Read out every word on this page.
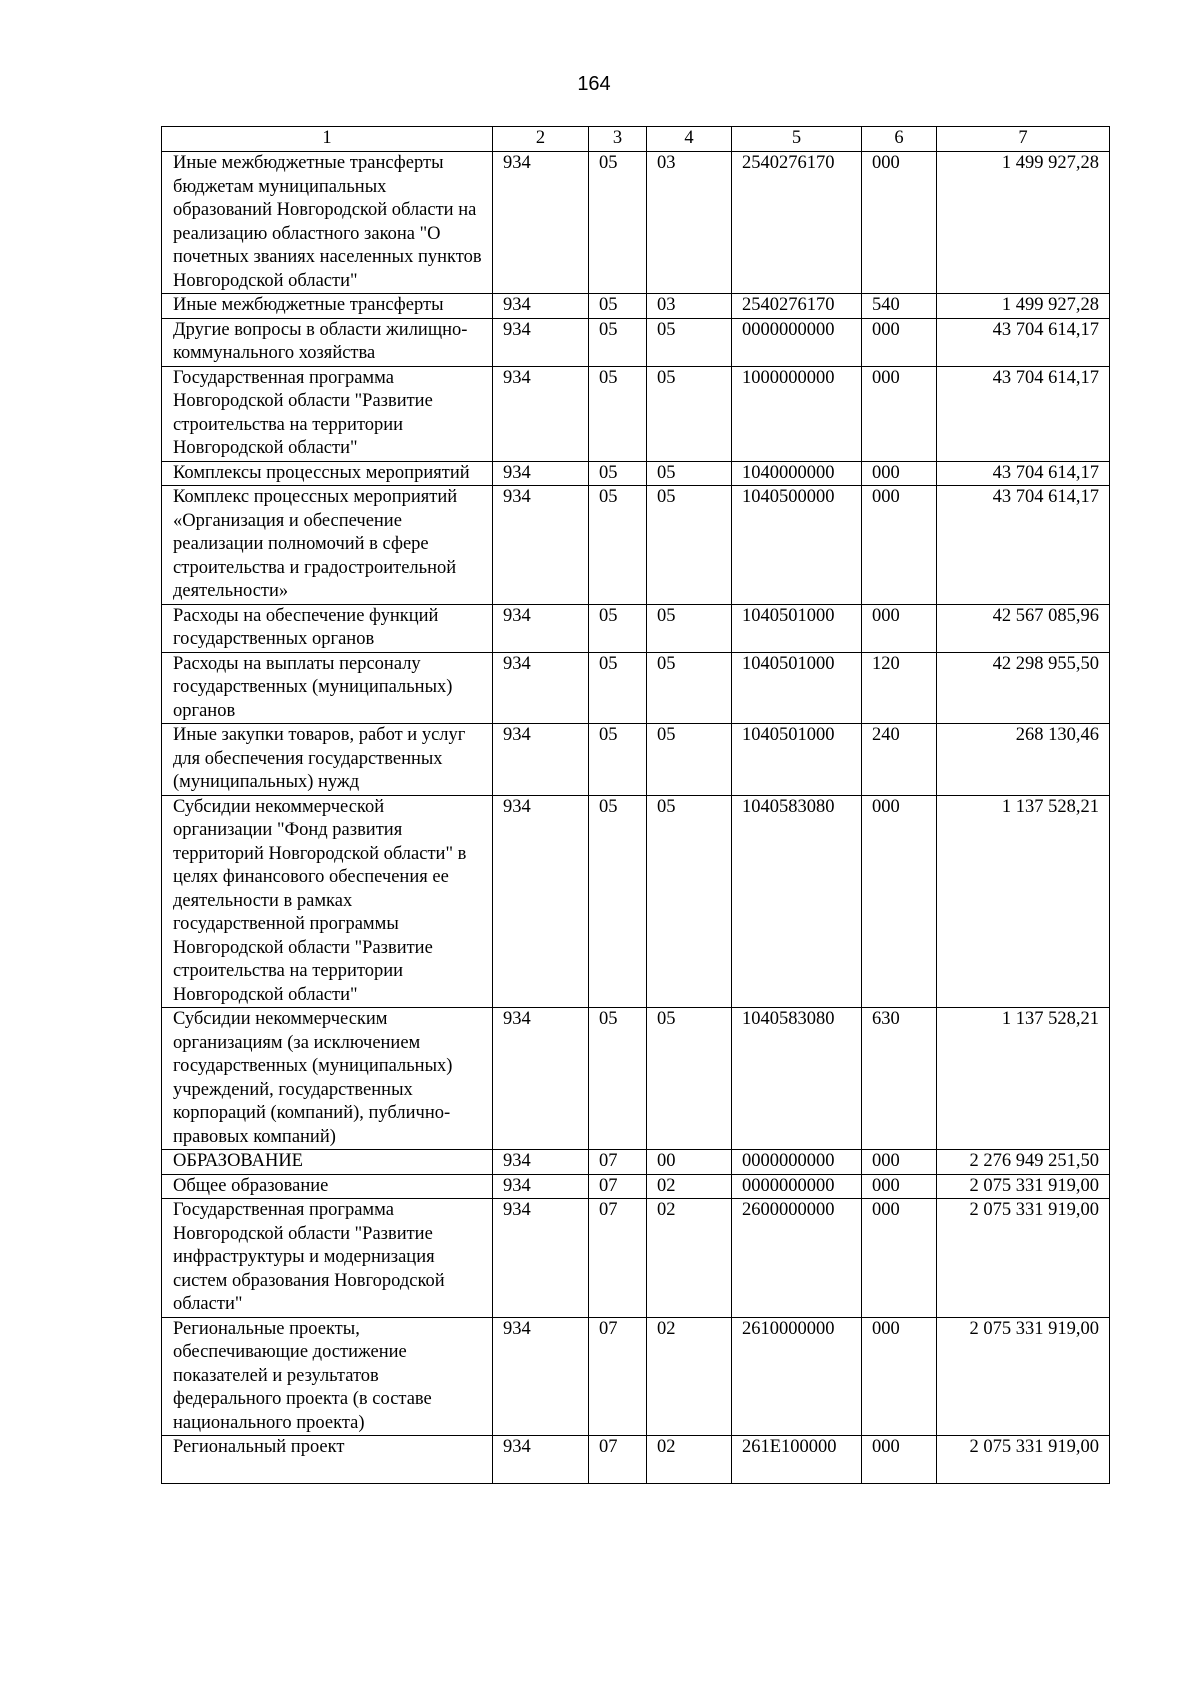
164
1	2	3	4	5	6	7
Иные межбюджетные трансферты бюджетам муниципальных образований Новгородской области на реализацию областного закона "О почетных званиях населенных пунктов Новгородской области"	934	05	03	2540276170	000	1 499 927,28
Иные межбюджетные трансферты	934	05	03	2540276170	540	1 499 927,28
Другие вопросы в области жилищно-коммунального хозяйства	934	05	05	0000000000	000	43 704 614,17
Государственная программа Новгородской области "Развитие строительства на территории Новгородской области"	934	05	05	1000000000	000	43 704 614,17
Комплексы процессных мероприятий	934	05	05	1040000000	000	43 704 614,17
Комплекс процессных мероприятий «Организация и обеспечение реализации полномочий в сфере строительства и градостроительной деятельности»	934	05	05	1040500000	000	43 704 614,17
Расходы на обеспечение функций государственных органов	934	05	05	1040501000	000	42 567 085,96
Расходы на выплаты персоналу государственных (муниципальных) органов	934	05	05	1040501000	120	42 298 955,50
Иные закупки товаров, работ и услуг для обеспечения государственных (муниципальных) нужд	934	05	05	1040501000	240	268 130,46
Субсидии некоммерческой организации "Фонд развития территорий Новгородской области" в целях финансового обеспечения ее деятельности в рамках государственной программы Новгородской области "Развитие строительства на территории Новгородской области"	934	05	05	1040583080	000	1 137 528,21
Субсидии некоммерческим организациям (за исключением государственных (муниципальных) учреждений, государственных корпораций (компаний), публично-правовых компаний)	934	05	05	1040583080	630	1 137 528,21
ОБРАЗОВАНИЕ	934	07	00	0000000000	000	2 276 949 251,50
Общее образование	934	07	02	0000000000	000	2 075 331 919,00
Государственная программа Новгородской области "Развитие инфраструктуры и модернизация систем образования Новгородской области"	934	07	02	2600000000	000	2 075 331 919,00
Региональные проекты, обеспечивающие достижение показателей и результатов федерального проекта (в составе национального проекта)	934	07	02	2610000000	000	2 075 331 919,00
Региональный проект	934	07	02	261E100000	000	2 075 331 919,00
